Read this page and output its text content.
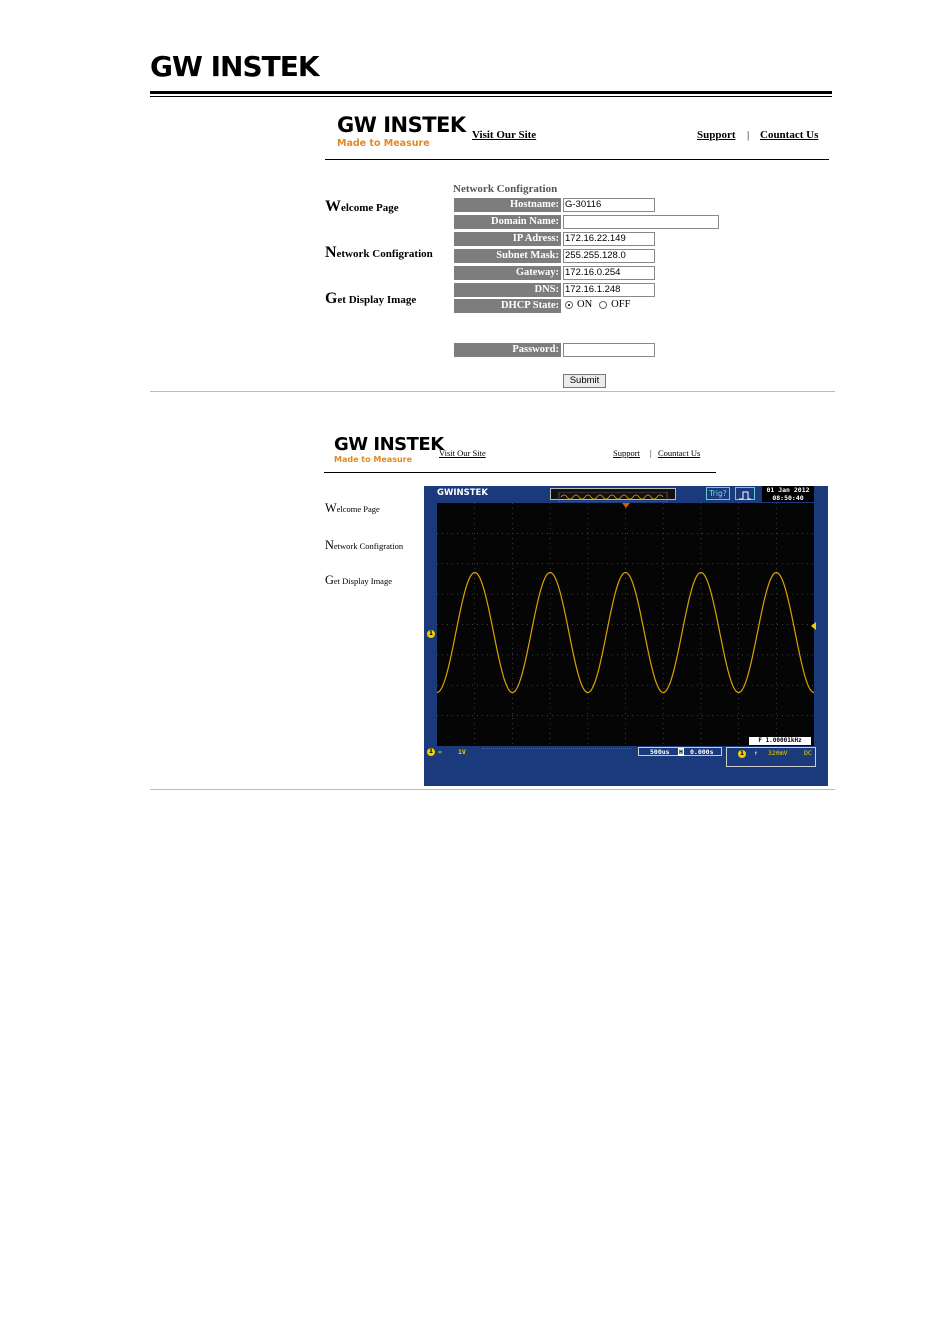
GW INSTEK
GW INSTEK
Made to Measure
Visit Our Site	Support | Countact Us
Welcome Page
Network Configration
Get Display Image
Network Configration
Hostname: G-30116
Domain Name:
IP Adress: 172.16.22.149
Subnet Mask: 255.255.128.0
Gateway: 172.16.0.254
DNS: 172.16.1.248
DHCP State: ON OFF
Password:
Submit
GW INSTEK
Made to Measure
Visit Our Site	Support | Countact Us
Welcome Page
Network Configration
Get Display Image
GWINSTEK	Trig?	01 Jan 2012
08:50:40
1
F 1.00001kHz
1 = 1V	500us H 0.000s	1 ↑ 320mV	DC
